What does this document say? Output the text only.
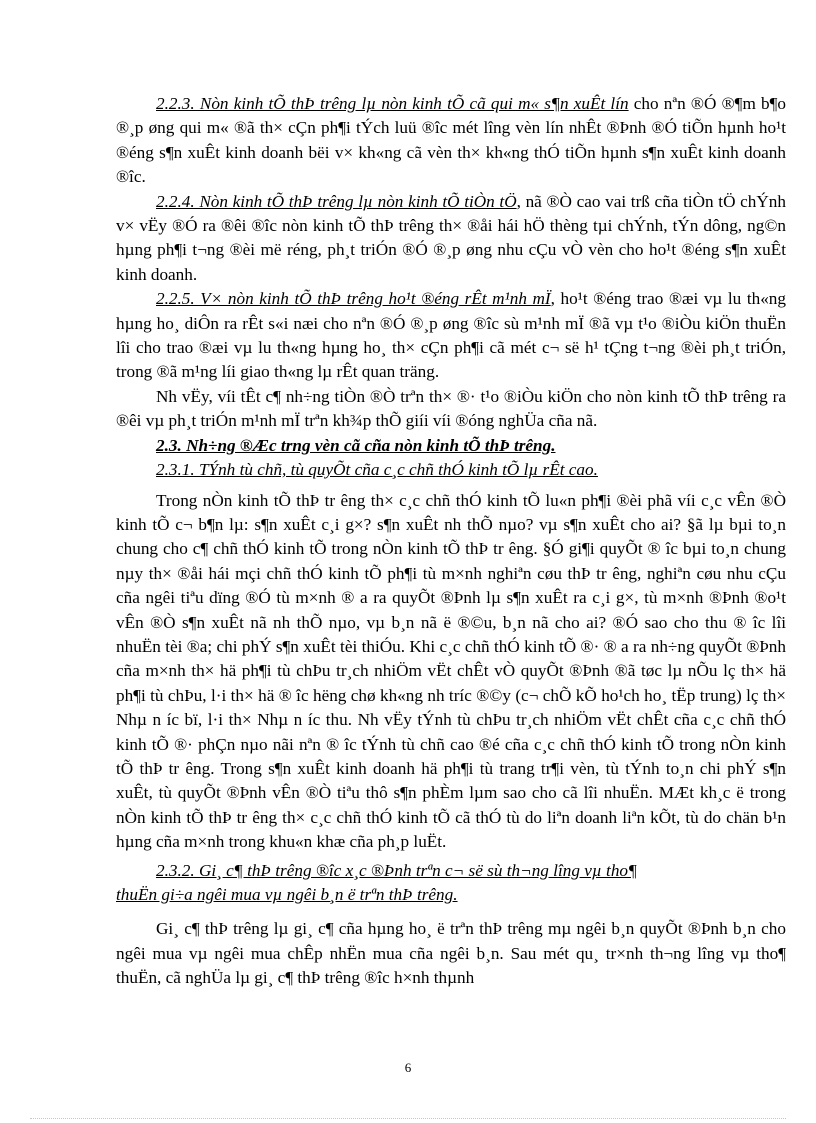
2.2.3. Nòn kinh tÕ thÞ trêng lµ nòn kinh tÕ cã qui m« s¶n xuÊt lín cho nªn ®Ó ®¶m b¶o ®¸p øng qui m« ®ã th× cÇn ph¶i tÝch luü ®îc mét lîng vèn lín nhÊt ®Þnh ®Ó tiÕn hµnh ho¹t ®éng s¶n xuÊt kinh doanh bëi v× kh«ng cã vèn th× kh«ng thÓ tiÕn hµnh s¶n xuÊt kinh doanh ®îc.

2.2.4. Nòn kinh tÕ thÞ trêng lµ nòn kinh tÕ tiÒn tÖ, nã ®Ò cao vai trß cña tiÒn tÖ chÝnh v× vËy ®Ó ra ®êi ®îc nòn kinh tÕ thÞ trêng th× ®åi hái hÖ thèng tµi chÝnh, tÝn dông, ng©n hµng ph¶i t¬ng ®èi më réng, ph¸t triÓn ®Ó ®¸p øng nhu cÇu vÒ vèn cho ho¹t ®éng s¶n xuÊt kinh doanh.

2.2.5. V× nòn kinh tÕ thÞ trêng ho¹t ®éng rÊt m¹nh mÏ, ho¹t ®éng trao ®æi vµ lu th«ng hµng ho¸ diÔn ra rÊt s«i næi cho nªn ®Ó ®¸p øng ®îc sù m¹nh mÏ ®ã vµ t¹o ®iÒu kiÖn thuËn lîi cho trao ®æi vµ lu th«ng hµng ho¸ th× cÇn ph¶i cã mét c¬ së h¹ tÇng t¬ng ®èi ph¸t triÓn, trong ®ã m¹ng líi giao th«ng lµ rÊt quan träng.

Nh vËy, víi tÊt c¶ nh÷ng tiÒn ®Ò trªn th× ®· t¹o ®iÒu kiÖn cho nòn kinh tÕ thÞ trêng ra ®êi vµ ph¸t triÓn m¹nh mÏ trªn kh¾p thÕ giíi víi ®óng nghÜa cña nã.

2.3. Nh÷ng ®Æc trng vèn cã cña nòn kinh tÕ thÞ trêng.

2.3.1. TÝnh tù chñ, tù quyÕt cña c¸c chñ thÓ kinh tÕ lµ rÊt cao.

Trong nÒn kinh tÕ thÞ tr êng th× c¸c chñ thÓ kinh tÕ lu«n ph¶i ®èi phã víi c¸c vÊn ®Ò kinh tÕ c¬ b¶n lµ: s¶n xuÊt c¸i g×? s¶n xuÊt nh thÕ nµo? vµ s¶n xuÊt cho ai? §ã lµ bµi to¸n chung cho c¶ chñ thÓ kinh tÕ trong nÒn kinh tÕ thÞ tr êng. §Ó gi¶i quyÕt ® îc bµi to¸n chung nµy th× ®åi hái mçi chñ thÓ kinh tÕ ph¶i tù m×nh nghiªn cøu thÞ tr êng, nghiªn cøu nhu cÇu cña ngêi tiªu dïng ®Ó tù m×nh ® a ra quyÕt ®Þnh lµ s¶n xuÊt ra c¸i g×, tù m×nh ®Þnh ®o¹t vÊn ®Ò s¶n xuÊt nã nh thÕ nµo, vµ b¸n nã ë ®©u, b¸n nã cho ai? ®Ó sao cho thu ® îc lîi nhuËn tèi ®a; chi phÝ s¶n xuÊt tèi thiÓu. Khi c¸c chñ thÓ kinh tÕ ®· ® a ra nh÷ng quyÕt ®Þnh cña m×nh th× hä ph¶i tù chÞu tr¸ch nhiÖm vËt chÊt vÒ quyÕt ®Þnh ®ã tøc lµ nÕu lç th× hä ph¶i tù chÞu, l·i th× hä ® îc hëng chø kh«ng nh tríc ®©y (c¬ chÕ kÕ ho¹ch ho¸ tËp trung) lç th× Nhµ n íc bï, l·i th× Nhµ n íc thu. Nh vËy tÝnh tù chÞu tr¸ch nhiÖm vËt chÊt cña c¸c chñ thÓ kinh tÕ ®· phÇn nµo nãi nªn ® îc tÝnh tù chñ cao ®é cña c¸c chñ thÓ kinh tÕ trong nÒn kinh tÕ thÞ tr êng. Trong s¶n xuÊt kinh doanh hä ph¶i tù trang tr¶i vèn, tù tÝnh to¸n chi phÝ s¶n xuÊt, tù quyÕt ®Þnh vÊn ®Ò tiªu thô s¶n phÈm lµm sao cho cã lîi nhuËn. MÆt kh¸c ë trong nÒn kinh tÕ thÞ tr êng th× c¸c chñ thÓ kinh tÕ cã thÓ tù do liªn doanh liªn kÕt, tù do chän b¹n hµng cña m×nh trong khu«n khæ cña ph¸p luËt.

2.3.2. Gi¸ c¶ thÞ trêng ®îc x¸c ®Þnh trªn c¬ së sù th¬ng lîng vµ tho¶

thuËn gi÷a ngêi mua vµ ngêi b¸n ë trªn thÞ trêng.

Gi¸ c¶ thÞ trêng lµ gi¸ c¶ cña hµng ho¸ ë trªn thÞ trêng mµ ngêi b¸n quyÕt ®Þnh b¸n cho ngêi mua vµ ngêi mua chÊp nhËn mua cña ngêi b¸n. Sau mét qu¸ tr×nh th¬ng lîng vµ tho¶ thuËn, cã nghÜa lµ gi¸ c¶ thÞ trêng ®îc h×nh thµnh

6
